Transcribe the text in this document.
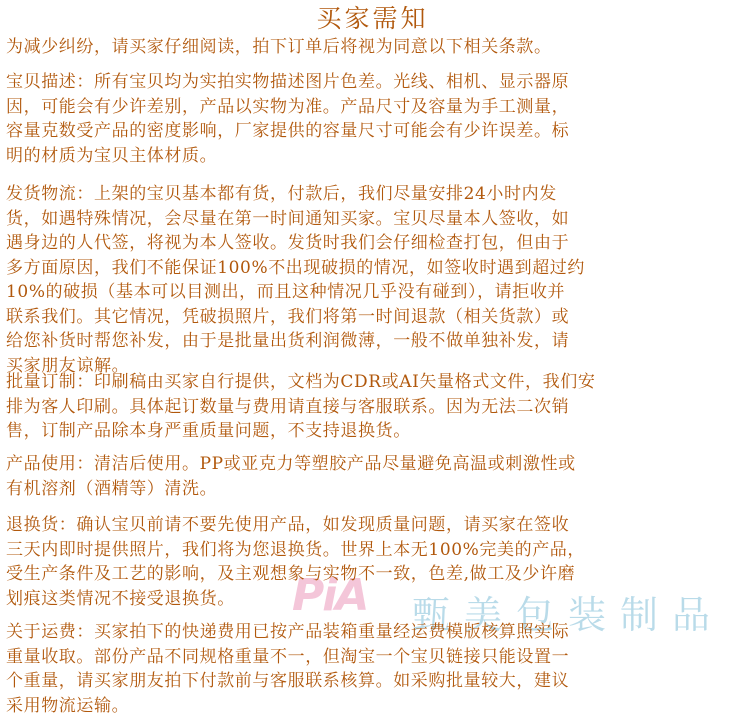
买家需知
为减少纠纷，请买家仔细阅读，拍下订单后将视为同意以下相关条款。
宝贝描述：所有宝贝均为实拍实物描述图片色差。光线、相机、显示器原
因，可能会有少许差别，产品以实物为准。产品尺寸及容量为手工测量，
容量克数受产品的密度影响，厂家提供的容量尺寸可能会有少许误差。标
明的材质为宝贝主体材质。
发货物流：上架的宝贝基本都有货，付款后，我们尽量安排24小时内发
货，如遇特殊情况，会尽量在第一时间通知买家。宝贝尽量本人签收，如
遇身边的人代签，将视为本人签收。发货时我们会仔细检查打包，但由于
多方面原因，我们不能保证100%不出现破损的情况，如签收时遇到超过约
10%的破损（基本可以目测出，而且这种情况几乎没有碰到），请拒收并
联系我们。其它情况，凭破损照片，我们将第一时间退款（相关货款）或
给您补货时帮您补发，由于是批量出货利润微薄，一般不做单独补发，请
买家朋友谅解。
批量订制：印刷稿由买家自行提供，文档为CDR或AI矢量格式文件，我们安
排为客人印刷。具体起订数量与费用请直接与客服联系。因为无法二次销
售，订制产品除本身严重质量问题，不支持退换货。
产品使用：清洁后使用。PP或亚克力等塑胶产品尽量避免高温或刺激性或
有机溶剂（酒精等）清洗。
PiA 甄美包装制品
退换货：确认宝贝前请不要先使用产品，如发现质量问题，请买家在签收
三天内即时提供照片，我们将为您退换货。世界上本无100%完美的产品，
受生产条件及工艺的影响，及主观想象与实物不一致，色差,做工及少许磨
划痕这类情况不接受退换货。
关于运费：买家拍下的快递费用已按产品装箱重量经运费模版核算照实际
重量收取。部份产品不同规格重量不一，但淘宝一个宝贝链接只能设置一
个重量，请买家朋友拍下付款前与客服联系核算。如采购批量较大，建议
采用物流运输。
